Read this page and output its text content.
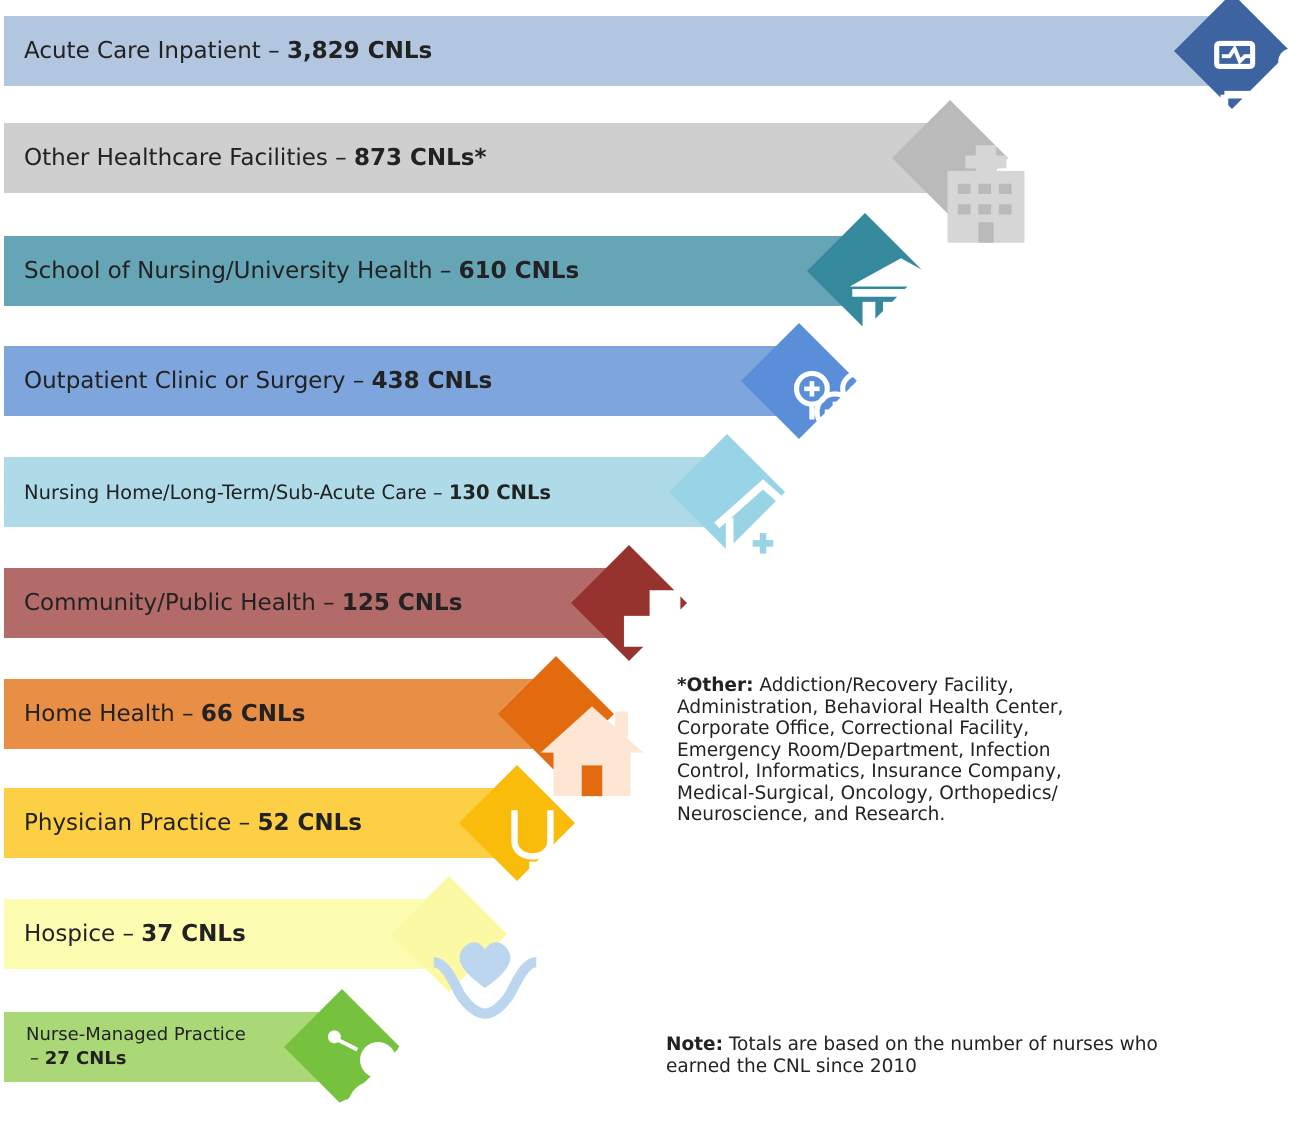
Acute Care Inpatient – 3,829 CNLs
Other Healthcare Facilities – 873 CNLs*
School of Nursing/University Health – 610 CNLs
Outpatient Clinic or Surgery – 438 CNLs
Nursing Home/Long-Term/Sub-Acute Care – 130 CNLs
Community/Public Health – 125 CNLs
Home Health – 66 CNLs
Physician Practice – 52 CNLs
Hospice – 37 CNLs
Nurse-Managed Practice
– 27 CNLs
*Other: Addiction/Recovery Facility, Administration, Behavioral Health Center, Corporate Office, Correctional Facility, Emergency Room/Department, Infection Control, Informatics, Insurance Company, Medical-Surgical, Oncology, Orthopedics/ Neuroscience, and Research.
Note: Totals are based on the number of nurses who earned the CNL since 2010
